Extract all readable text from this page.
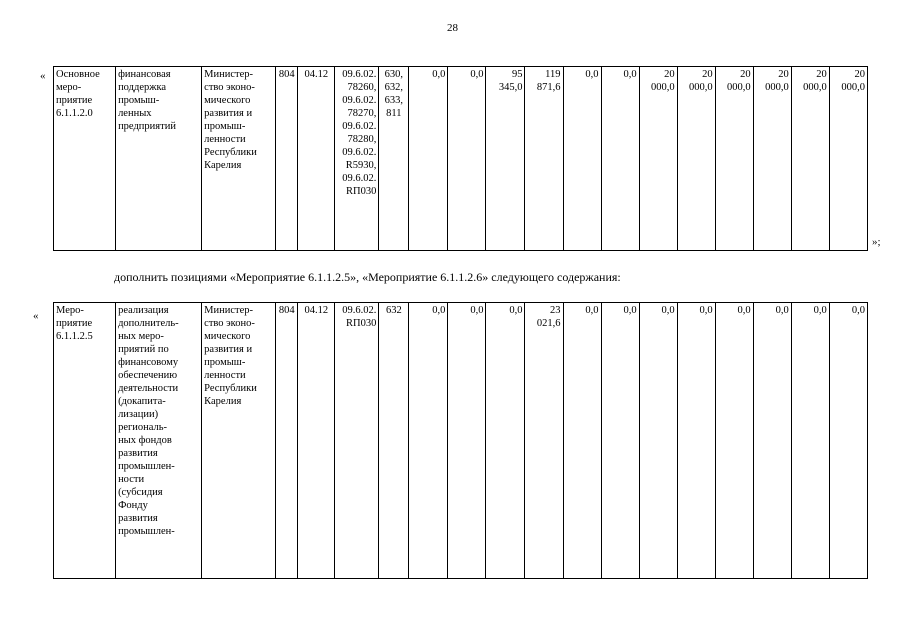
28
« Основное
меро-
приятие
6.1.1.2.0	финансовая
поддержка
промыш-
ленных
предприятий	Министер-
ство эконо-
мического
развития и
промыш-
ленности
Республики
Карелия	804	04.12	09.6.02.
78260,
09.6.02.
78270,
09.6.02.
78280,
09.6.02.
R5930,
09.6.02.
RП030	630,
632,
633,
811	0,0	0,0	95
345,0	119
871,6	0,0	0,0	20
000,0	20
000,0	20
000,0	20
000,0	20
000,0	20
000,0
»;
дополнить позициями «Мероприятие 6.1.1.2.5», «Мероприятие 6.1.1.2.6» следующего содержания:
« Меро-
приятие
6.1.1.2.5	реализация
дополнитель-
ных меро-
приятий по
финансовому
обеспечению
деятельности
(докапита-
лизации)
региональ-
ных фондов
развития
промышлен-
ности
(субсидия
Фонду
развития
промышлен-	Министер-
ство эконо-
мического
развития и
промыш-
ленности
Республики
Карелия	804	04.12	09.6.02.
RП030	632	0,0	0,0	0,0	23
021,6	0,0	0,0	0,0	0,0	0,0	0,0	0,0	0,0
